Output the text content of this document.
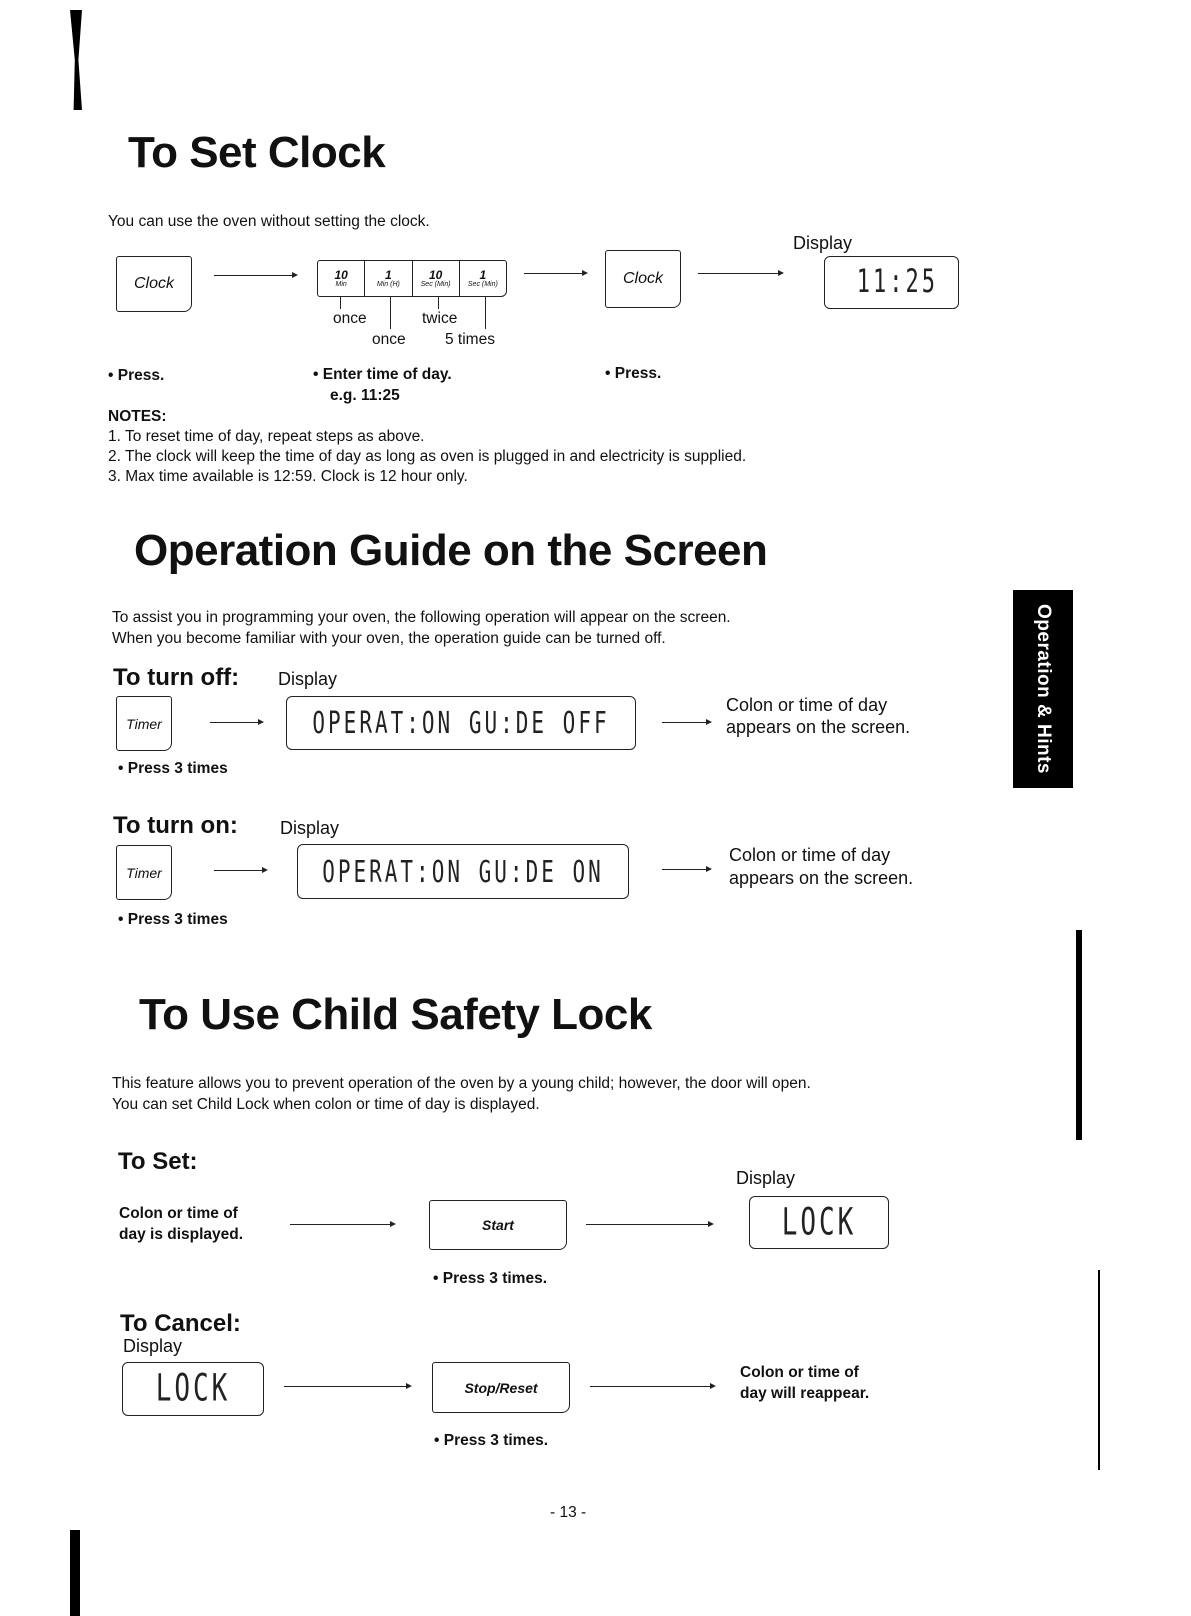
To Set Clock
You can use the oven without setting the clock.
Clock
10
Min
1
Min (H)
10
Sec (Min)
1
Sec (Min)
once	twice
once	5 times
Clock
Display
11:25
• Press.	• Enter time of day.
e.g. 11:25
• Press.
NOTES:
1. To reset time of day, repeat steps as above.
2. The clock will keep the time of day as long as oven is plugged in and electricity is supplied.
3. Max time available is 12:59. Clock is 12 hour only.
Operation Guide on the Screen
To assist you in programming your oven, the following operation will appear on the screen.
When you become familiar with your oven, the operation guide can be turned off.
To turn off: Display
Timer	OPERAT:ON GU:DE OFF
Colon or time of day
appears on the screen.
• Press 3 times
To turn on: Display
Timer	OPERAT:ON GU:DE ON	Colon or time of day
appears on the screen.
• Press 3 times
Operation & Hints
To Use Child Safety Lock
This feature allows you to prevent operation of the oven by a young child; however, the door will open.
You can set Child Lock when colon or time of day is displayed.
To Set:
Display
Colon or time of
day is displayed.
Start	LOCK
• Press 3 times.
To Cancel:
Display
LOCK	Stop/Reset
Colon or time of
day will reappear.
• Press 3 times.
- 13 -
